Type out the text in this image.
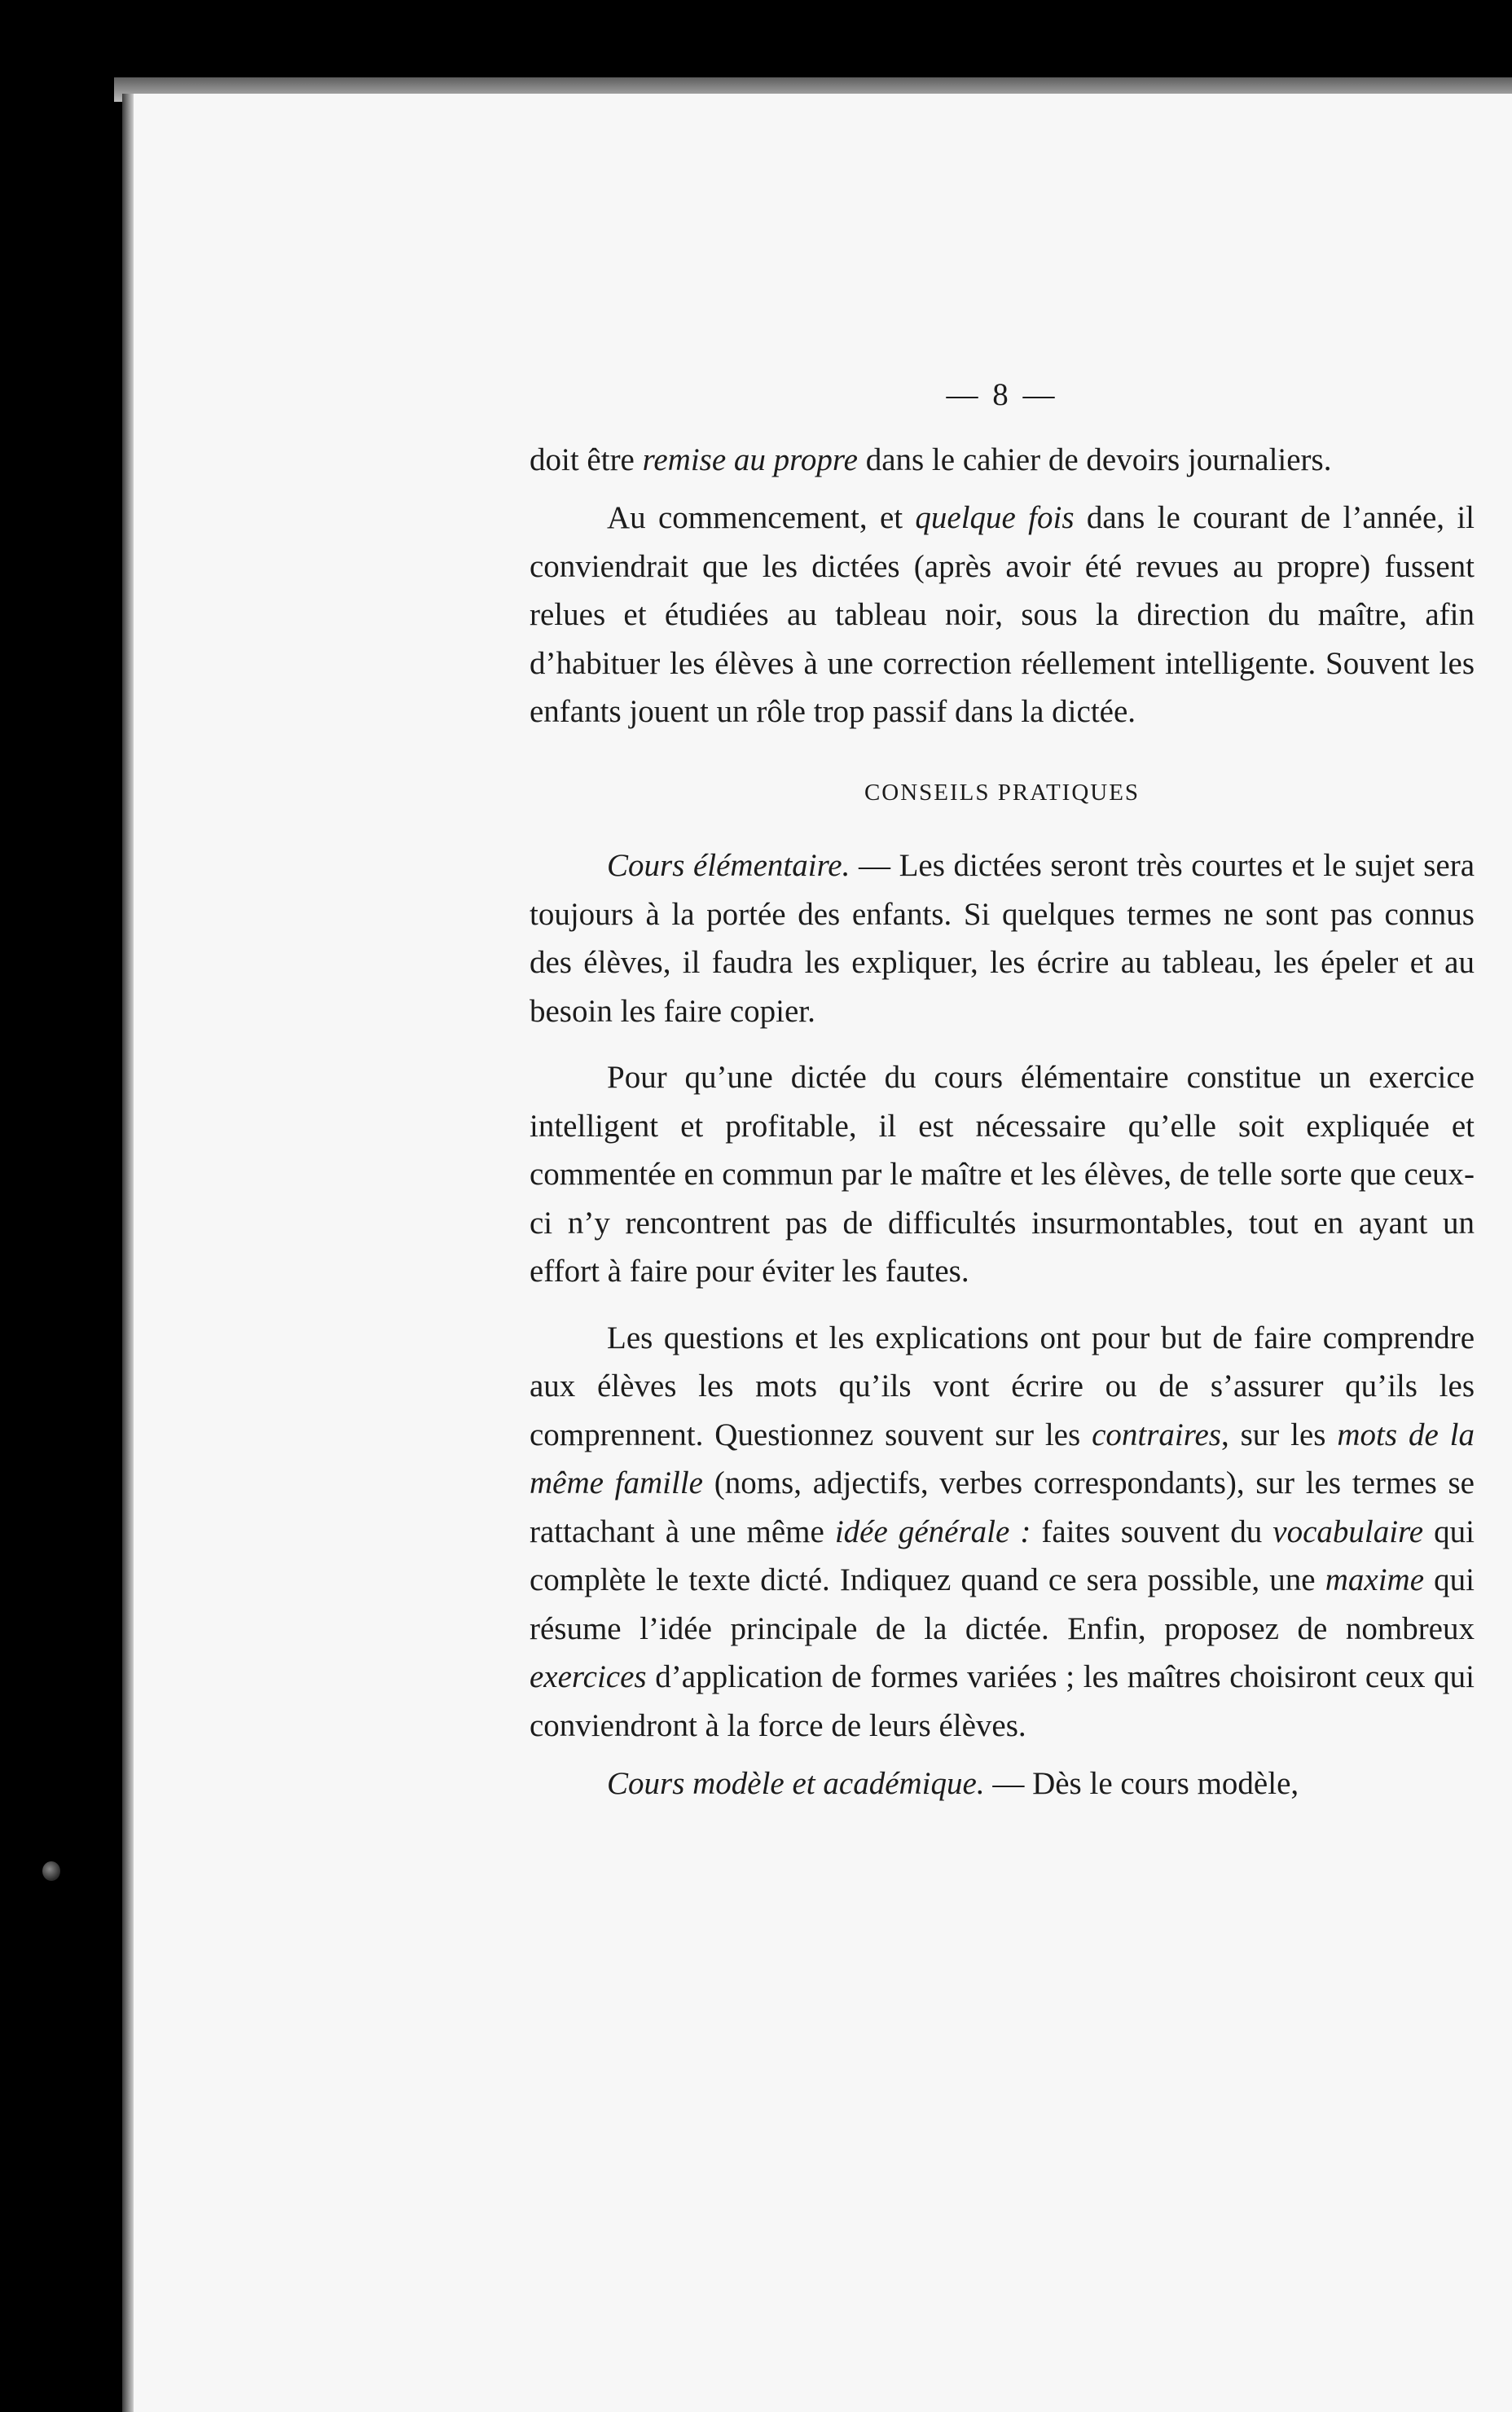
— 8 —

doit être remise au propre dans le cahier de devoirs journaliers.

Au commencement, et quelque fois dans le courant de l’année, il conviendrait que les dictées (après avoir été revues au propre) fussent relues et étudiées au tableau noir, sous la direction du maître, afin d’habituer les élèves à une correction réellement intelligente. Souvent les enfants jouent un rôle trop passif dans la dictée.

CONSEILS PRATIQUES

Cours élémentaire. — Les dictées seront très courtes et le sujet sera toujours à la portée des enfants. Si quelques termes ne sont pas connus des élèves, il faudra les expliquer, les écrire au tableau, les épeler et au besoin les faire copier.

Pour qu’une dictée du cours élémentaire constitue un exercice intelligent et profitable, il est nécessaire qu’elle soit expliquée et commentée en commun par le maître et les élèves, de telle sorte que ceux-ci n’y rencontrent pas de difficultés insurmontables, tout en ayant un effort à faire pour éviter les fautes.

Les questions et les explications ont pour but de faire comprendre aux élèves les mots qu’ils vont écrire ou de s’assurer qu’ils les comprennent. Questionnez souvent sur les contraires, sur les mots de la même famille (noms, adjectifs, verbes correspondants), sur les termes se rattachant à une même idée générale : faites souvent du vocabulaire qui complète le texte dicté. Indiquez quand ce sera possible, une maxime qui résume l’idée principale de la dictée. Enfin, proposez de nombreux exercices d’application de formes variées ; les maîtres choisiront ceux qui conviendront à la force de leurs élèves.

Cours modèle et académique. — Dès le cours modèle,
